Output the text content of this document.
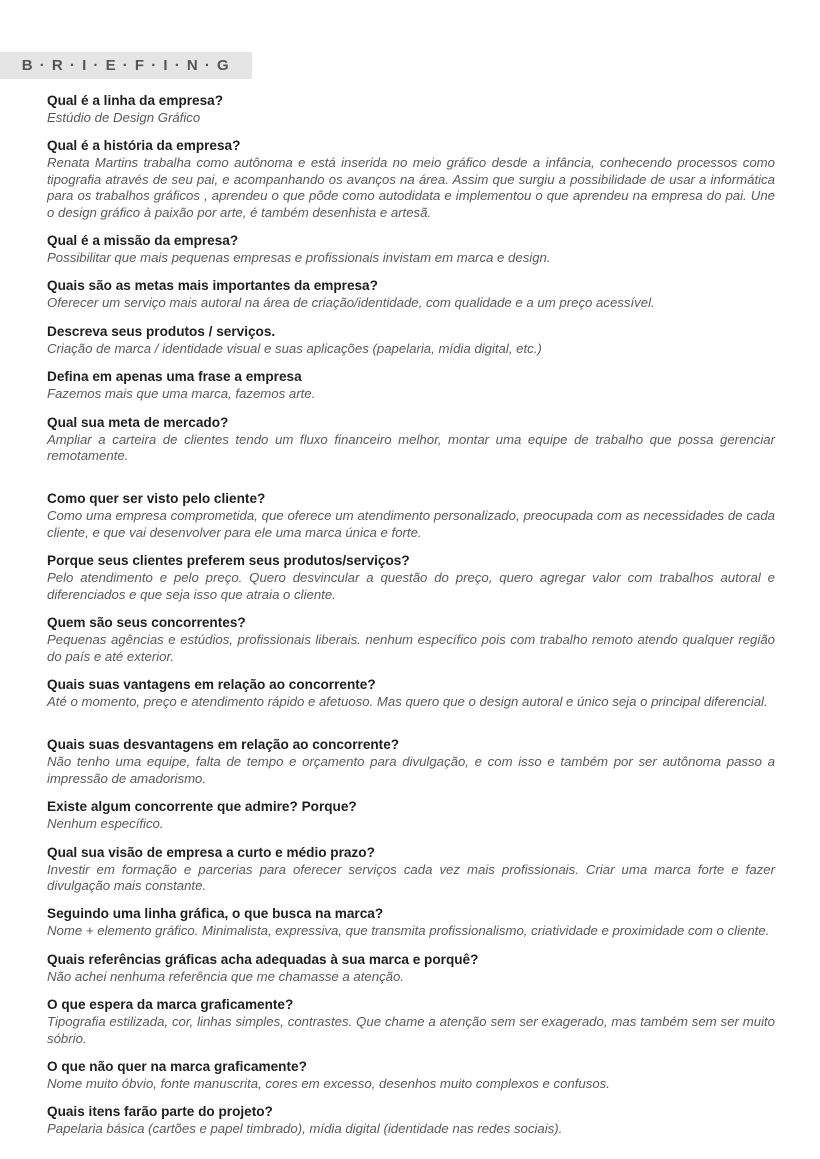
B · R · I · E · F · I · N · G
Qual é a linha da empresa?

Estúdio de Design Gráfico

Qual é a história da empresa?

Renata Martins trabalha como autônoma e está inserida no meio gráfico desde a infância, conhecendo processos como tipografia através de seu pai, e acompanhando os avanços na área. Assim que surgiu a possibilidade de usar a informática para os trabalhos gráficos , aprendeu o que pôde como autodidata e implementou o que aprendeu na empresa do pai. Une o design gráfico à paixão por arte, é também desenhista e artesã.

Qual é a missão da empresa?

Possibilitar que mais pequenas empresas e profissionais invistam em marca e design.

Quais são as metas mais importantes da empresa?

Oferecer um serviço mais autoral na área de criação/identidade, com qualidade e a um preço acessível.

Descreva seus produtos / serviços.

Criação de marca / identidade visual e suas aplicações (papelaria, mídia digital, etc.)

Defina em apenas uma frase a empresa

Fazemos mais que uma marca, fazemos arte.

Qual sua meta de mercado?

Ampliar a carteira de clientes tendo um fluxo financeiro melhor, montar uma equipe de trabalho que possa gerenciar remotamente.

Como quer ser visto pelo cliente?

Como uma empresa comprometida, que oferece um atendimento personalizado, preocupada com as necessidades de cada cliente, e que vai desenvolver para ele uma marca única e forte.

Porque seus clientes preferem seus produtos/serviços?

Pelo atendimento e pelo preço. Quero desvincular a questão do preço, quero agregar valor com trabalhos autoral e diferenciados e que seja isso que atraia o cliente.

Quem são seus concorrentes?

Pequenas agências e estúdios, profissionais liberais. nenhum específico pois com trabalho remoto atendo qualquer região do país e até exterior.

Quais suas vantagens em relação ao concorrente?

Até o momento, preço e atendimento rápido e afetuoso. Mas quero que o design autoral e único seja o principal diferencial.

Quais suas desvantagens em relação ao concorrente?

Não tenho uma equipe, falta de tempo e orçamento para divulgação, e com isso e também por ser autônoma passo a impressão de amadorismo.

Existe algum concorrente que admire? Porque?

Nenhum específico.

Qual sua visão de empresa a curto e médio prazo?

Investir em formação e parcerias para oferecer serviços cada vez mais profissionais. Criar uma marca forte e fazer divulgação mais constante.

Seguindo uma linha gráfica, o que busca na marca?

Nome + elemento gráfico. Minimalista, expressiva, que transmita profissionalismo, criatividade e proximidade com o cliente.

Quais referências gráficas acha adequadas à sua marca e porquê?

Não achei nenhuma referência que me chamasse a atenção.

O que espera da marca graficamente?

Tipografia estilizada, cor, linhas simples, contrastes. Que chame a atenção sem ser exagerado, mas também sem ser muito sóbrio.

O que não quer na marca graficamente?

Nome muito óbvio, fonte manuscrita, cores em excesso, desenhos muito complexos e confusos.

Quais itens farão parte do projeto?

Papelaria básica (cartões e papel timbrado), mídia digital (identidade nas redes sociais).
